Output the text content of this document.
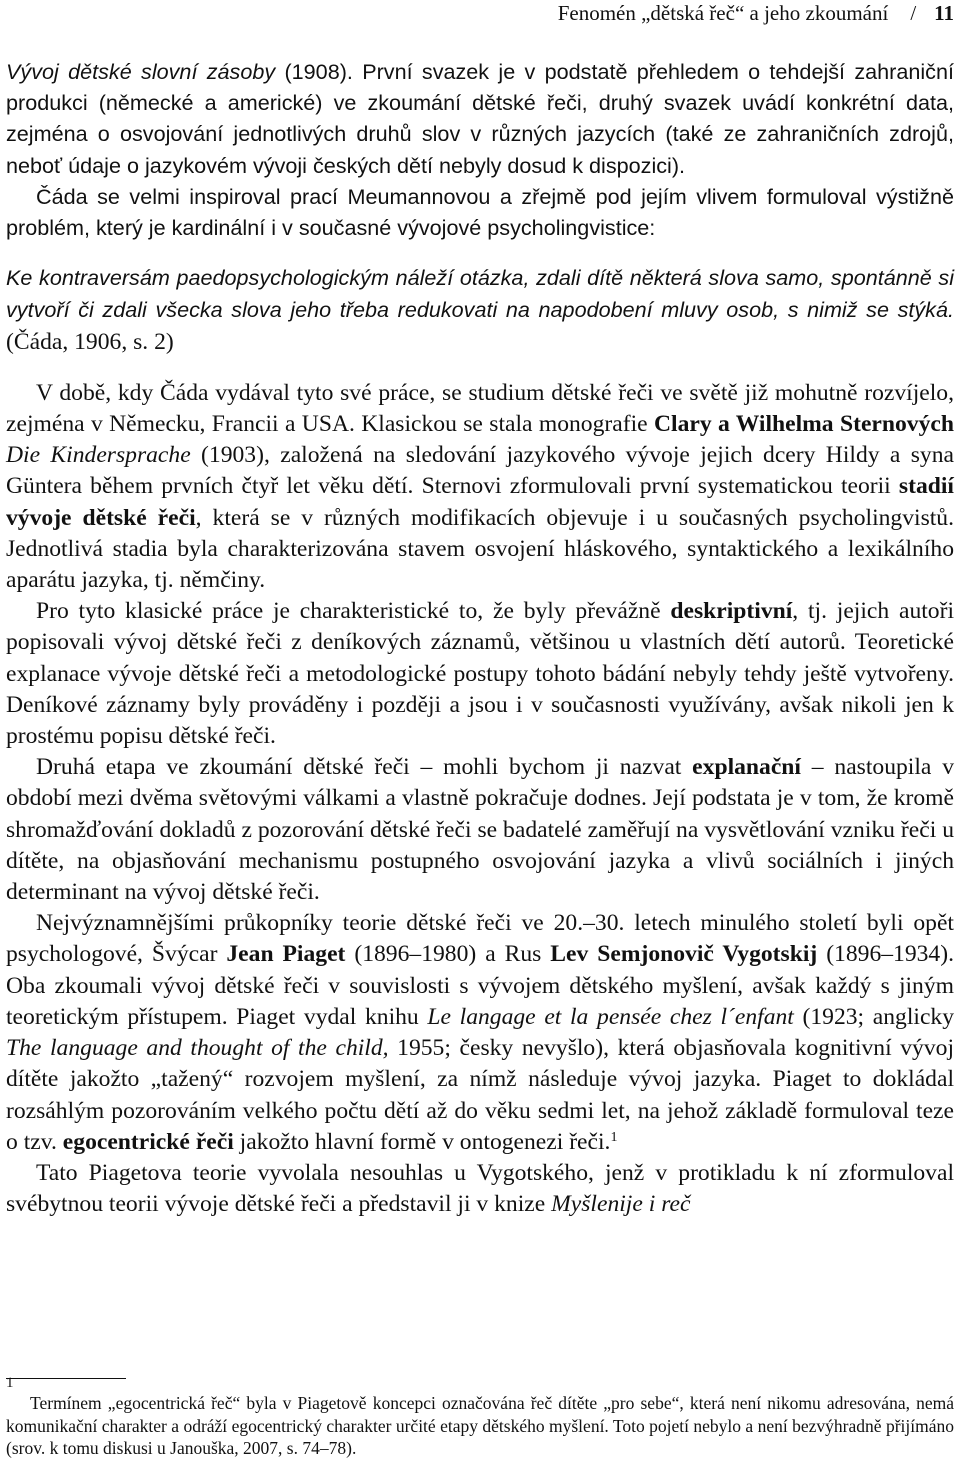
Fenomén „dětská řeč“ a jeho zkoumání / 11

Vývoj dětské slovní zásoby (1908). První svazek je v podstatě přehledem o tehdejší zahraniční produkci (německé a americké) ve zkoumání dětské řeči, druhý svazek uvádí konkrétní data, zejména o osvojování jednotlivých druhů slov v různých jazycích (také ze zahraničních zdrojů, neboť údaje o jazykovém vývoji českých dětí nebyly dosud k dispozici).

Čáda se velmi inspiroval prací Meumannovou a zřejmě pod jejím vlivem formuloval výstižně problém, který je kardinální i v současné vývojové psycholingvistice:

Ke kontraversám paedopsychologickým náleží otázka, zdali dítě některá slova samo, spontánně si vytvoří či zdali všecka slova jeho třeba redukovati na napodobení mluvy osob, s nimiž se stýká. (Čáda, 1906, s. 2)

V době, kdy Čáda vydával tyto své práce, se studium dětské řeči ve světě již mohutně rozvíjelo, zejména v Německu, Francii a USA. Klasickou se stala monografie Clary a Wilhelma Sternových Die Kindersprache (1903), založená na sledování jazykového vývoje jejich dcery Hildy a syna Güntera během prvních čtyř let věku dětí. Sternovi zformulovali první systematickou teorii stadií vývoje dětské řeči, která se v různých modifikacích objevuje i u současných psycholingvistů. Jednotlivá stadia byla charakterizována stavem osvojení hláskového, syntaktického a lexikálního aparátu jazyka, tj. němčiny.

Pro tyto klasické práce je charakteristické to, že byly převážně deskriptivní, tj. jejich autoři popisovali vývoj dětské řeči z deníkových záznamů, většinou u vlastních dětí autorů. Teoretické explanace vývoje dětské řeči a metodologické postupy tohoto bádání nebyly tehdy ještě vytvořeny. Deníkové záznamy byly prováděny i později a jsou i v současnosti využívány, avšak nikoli jen k prostému popisu dětské řeči.

Druhá etapa ve zkoumání dětské řeči – mohli bychom ji nazvat explanační – nastoupila v období mezi dvěma světovými válkami a vlastně pokračuje dodnes. Její podstata je v tom, že kromě shromažďování dokladů z pozorování dětské řeči se badatelé zaměřují na vysvětlování vzniku řeči u dítěte, na objasňování mechanismu postupného osvojování jazyka a vlivů sociálních i jiných determinant na vývoj dětské řeči.

Nejvýznamnějšími průkopníky teorie dětské řeči ve 20.–30. letech minulého století byli opět psychologové, Švýcar Jean Piaget (1896–1980) a Rus Lev Semjonovič Vygotskij (1896–1934). Oba zkoumali vývoj dětské řeči v souvislosti s vývojem dětského myšlení, avšak každý s jiným teoretickým přístupem. Piaget vydal knihu Le langage et la pensée chez l´enfant (1923; anglicky The language and thought of the child, 1955; česky nevyšlo), která objasňovala kognitivní vývoj dítěte jakožto „tažený“ rozvojem myšlení, za nímž následuje vývoj jazyka. Piaget to dokládal rozsáhlým pozorováním velkého počtu dětí až do věku sedmi let, na jehož základě formuloval teze o tzv. egocentrické řeči jakožto hlavní formě v ontogenezi řeči.$^1$

Tato Piagetova teorie vyvolala nesouhlas u Vygotského, jenž v protikladu k ní zformuloval svébytnou teorii vývoje dětské řeči a představil ji v knize Myšlenije i reč

1

Termínem „egocentrická řeč“ byla v Piagetově koncepci označována řeč dítěte „pro sebe“, která není nikomu adresována, nemá komunikační charakter a odráží egocentrický charakter určité etapy dětského myšlení. Toto pojetí nebylo a není bezvýhradně přijímáno (srov. k tomu diskusi u Janouška, 2007, s. 74–78).
